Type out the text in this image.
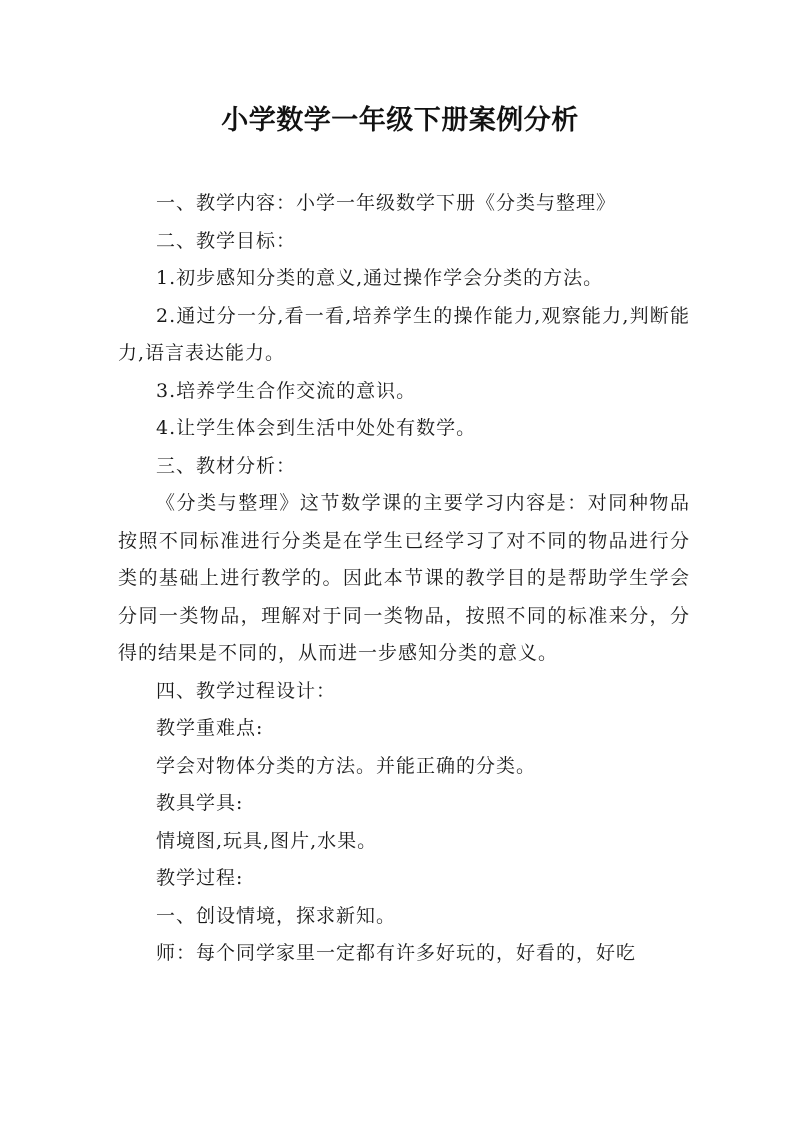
小学数学一年级下册案例分析

一、教学内容：小学一年级数学下册《分类与整理》

二、教学目标：

1.初步感知分类的意义,通过操作学会分类的方法。

2.通过分一分,看一看,培养学生的操作能力,观察能力,判断能力,语言表达能力。

3.培养学生合作交流的意识。

4.让学生体会到生活中处处有数学。

三、教材分析：

《分类与整理》这节数学课的主要学习内容是：对同种物品按照不同标准进行分类是在学生已经学习了对不同的物品进行分类的基础上进行教学的。因此本节课的教学目的是帮助学生学会分同一类物品，理解对于同一类物品，按照不同的标准来分，分得的结果是不同的，从而进一步感知分类的意义。

四、教学过程设计：

教学重难点:

学会对物体分类的方法。并能正确的分类。

教具学具:

情境图,玩具,图片,水果。

教学过程:

一、创设情境，探求新知。

师：每个同学家里一定都有许多好玩的，好看的，好吃
